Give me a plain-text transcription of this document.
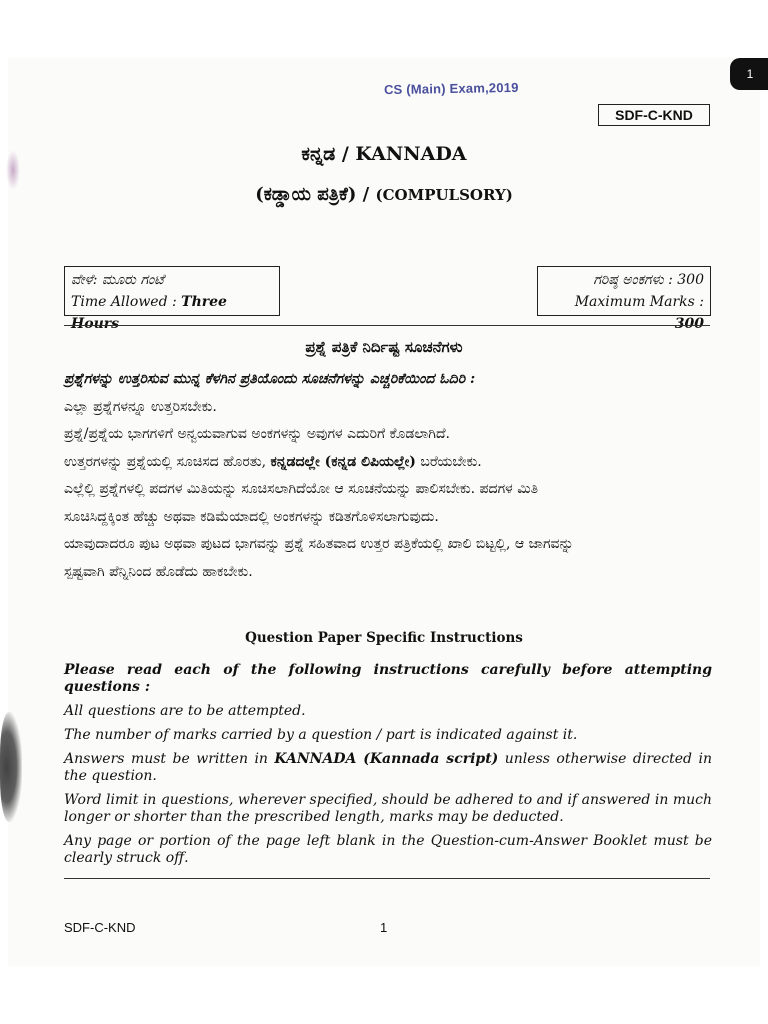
1
CS (Main) Exam,2019
SDF-C-KND
ಕನ್ನಡ / KANNADA
(ಕಡ್ಡಾಯ ಪತ್ರಿಕೆ) / (COMPULSORY)
ವೇಳೆ: ಮೂರು ಗಂಟೆ
Time Allowed : Three Hours
ಗರಿಷ್ಠ ಅಂಕಗಳು : 300
Maximum Marks : 300
ಪ್ರಶ್ನೆ ಪತ್ರಿಕೆ ನಿರ್ದಿಷ್ಟ ಸೂಚನೆಗಳು

ಪ್ರಶ್ನೆಗಳನ್ನು ಉತ್ತರಿಸುವ ಮುನ್ನ ಕೆಳಗಿನ ಪ್ರತಿಯೊಂದು ಸೂಚನೆಗಳನ್ನು ಎಚ್ಚರಿಕೆಯಿಂದ ಓದಿರಿ :

ಎಲ್ಲಾ ಪ್ರಶ್ನೆಗಳನ್ನೂ ಉತ್ತರಿಸಬೇಕು.

ಪ್ರಶ್ನೆ/ಪ್ರಶ್ನೆಯ ಭಾಗಗಳಿಗೆ ಅನ್ವಯವಾಗುವ ಅಂಕಗಳನ್ನು ಅವುಗಳ ಎದುರಿಗೆ ಕೊಡಲಾಗಿದೆ.

ಉತ್ತರಗಳನ್ನು ಪ್ರಶ್ನೆಯಲ್ಲಿ ಸೂಚಿಸದ ಹೊರತು, ಕನ್ನಡದಲ್ಲೇ (ಕನ್ನಡ ಲಿಪಿಯಲ್ಲೇ) ಬರೆಯಬೇಕು.

ಎಲ್ಲೆಲ್ಲಿ ಪ್ರಶ್ನೆಗಳಲ್ಲಿ ಪದಗಳ ಮಿತಿಯನ್ನು ಸೂಚಿಸಲಾಗಿದೆಯೋ ಆ ಸೂಚನೆಯನ್ನು ಪಾಲಿಸಬೇಕು. ಪದಗಳ ಮಿತಿ

ಸೂಚಿಸಿದ್ದಕ್ಕಿಂತ ಹೆಚ್ಚು ಅಥವಾ ಕಡಿಮೆಯಾದಲ್ಲಿ ಅಂಕಗಳನ್ನು ಕಡಿತಗೊಳಿಸಲಾಗುವುದು.

ಯಾವುದಾದರೂ ಪುಟ ಅಥವಾ ಪುಟದ ಭಾಗವನ್ನು ಪ್ರಶ್ನೆ ಸಹಿತವಾದ ಉತ್ತರ ಪತ್ರಿಕೆಯಲ್ಲಿ ಖಾಲಿ ಬಿಟ್ಟಲ್ಲಿ, ಆ ಜಾಗವನ್ನು

ಸ್ಪಷ್ಟವಾಗಿ ಪೆನ್ನಿನಿಂದ ಹೊಡೆದು ಹಾಕಬೇಕು.

Question Paper Specific Instructions

Please read each of the following instructions carefully before attempting questions :

All questions are to be attempted.

The number of marks carried by a question / part is indicated against it.

Answers must be written in KANNADA (Kannada script) unless otherwise directed in the question.

Word limit in questions, wherever specified, should be adhered to and if answered in much longer or shorter than the prescribed length, marks may be deducted.

Any page or portion of the page left blank in the Question-cum-Answer Booklet must be clearly struck off.

SDF-C-KND	1
